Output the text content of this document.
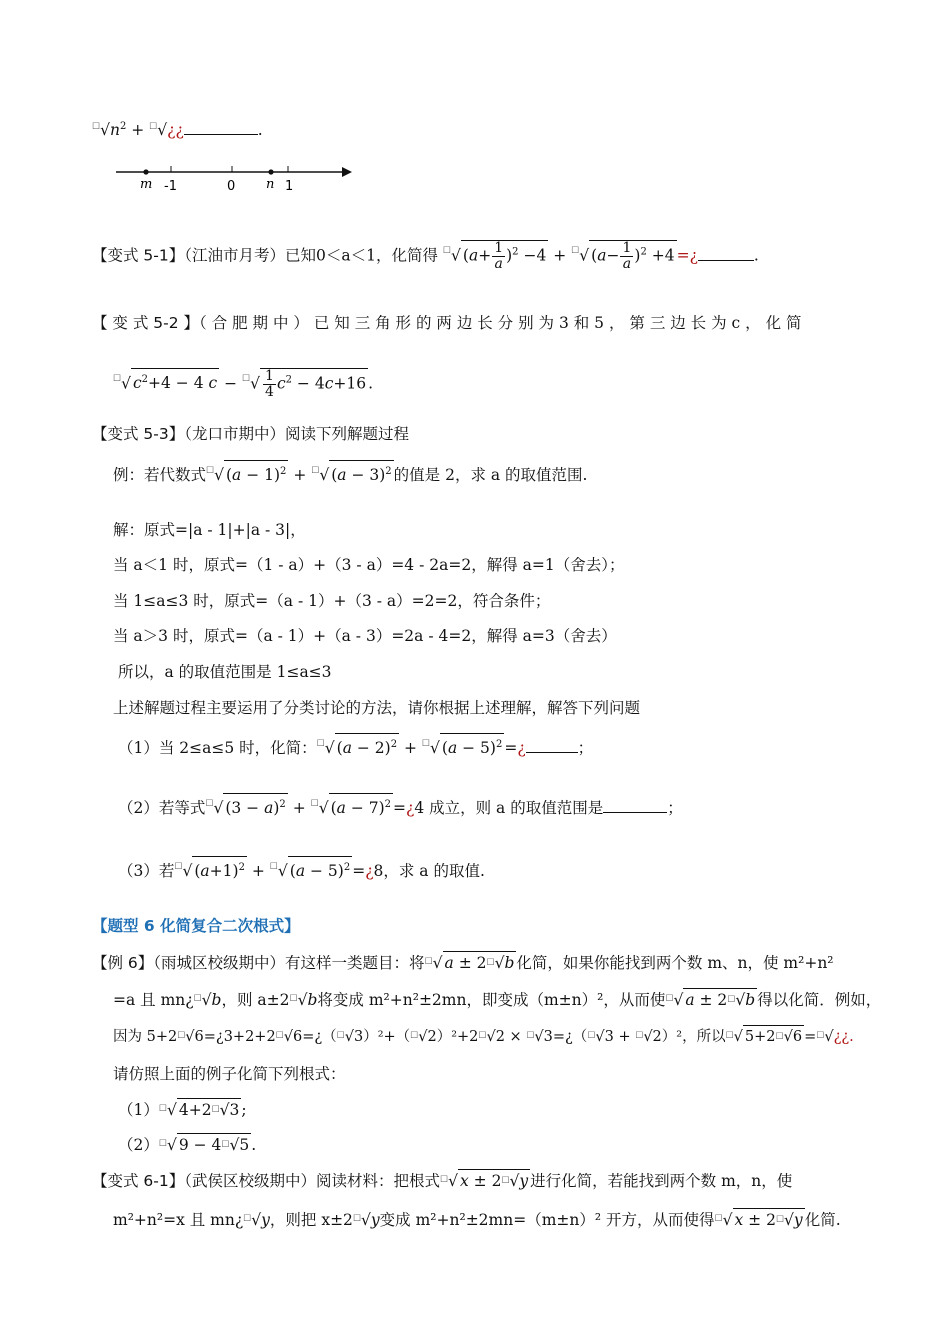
$^☐√n^2$ + ☐√¿¿	.
m -1	0 n 1
【变式 5-1】（江油市月考）已知0＜a＜1，化简得 ☐√ $(a+ \frac{1}{a} )^2 -4 + ^☐√$ $(a- \frac{1}{a} )^2 +4$ =¿	.
【 变 式 5-2 】（ 合 肥 期 中 ） 已 知 三 角 形 的 两 边 长 分 别 为 3 和 5 ， 第 三 边 长 为 c ， 化 简
☐√ $c^2+4 - 4$ $c - ^☐√ \frac{1}{4} c^2 - 4c+16$ .
【变式 5-3】（龙口市期中）阅读下列解题过程
例：若代数式☐√ $(a - 1)^2 + ^☐√$ $(a - 3)^2$ 的值是 2，求 a 的取值范围.
解：原式=|a - 1|+|a - 3|，
当 a＜1 时，原式=（1 - a）+（3 - a）=4 - 2a=2，解得 a=1（舍去）；
当 1≤a≤3 时，原式=（a - 1）+（3 - a）=2=2，符合条件；
当 a＞3 时，原式=（a - 1）+（a - 3）=2a - 4=2，解得 a=3（舍去）
所以，a 的取值范围是 1≤a≤3
上述解题过程主要运用了分类讨论的方法，请你根据上述理解，解答下列问题
（1）当 2≤a≤5 时，化简：☐√ $(a - 2)^2 + ^☐√$ $(a - 5)^2$ =¿	；
（2）若等式☐√ $(3 - a)^2 + ^☐√$ $(a - 7)^2$ =¿4 成立，则 a 的取值范围是	；
（3）若☐√ $(a+1)^2 + ^☐√$ $(a - 5)^2$ =¿8，求 a 的取值.
【题型 6 化简复合二次根式】
【例 6】（雨城区校级期中）有这样一类题目：将☐√ a ± 2☐√b 化简，如果你能找到两个数 m、n，使 m²+n²
=a 且 mn¿☐√b，则 a±2☐√b将变成 m²+n²±2mn，即变成（m±n）²，从而使☐√ a ± 2☐√b 得以化简．例如，
因为 5+2☐√6=¿3+2+2☐√6=¿（☐√3）²+（☐√2）²+2☐√2 × ☐√3=¿（☐√3 + ☐√2）²，所以☐√ 5+2☐√6 =☐√¿¿.
请仿照上面的例子化简下列根式：
（1）☐√ 4+2☐√3 ;
（2）☐√ 9 − 4☐√5 .
【变式 6-1】（武侯区校级期中）阅读材料：把根式☐√ x ± 2☐√y 进行化简，若能找到两个数 m，n，使
m²+n²=x 且 mn¿☐√y，则把 x±2☐√y变成 m²+n²±2mn=（m±n）² 开方，从而使得☐√ x ± 2☐√y 化简.
